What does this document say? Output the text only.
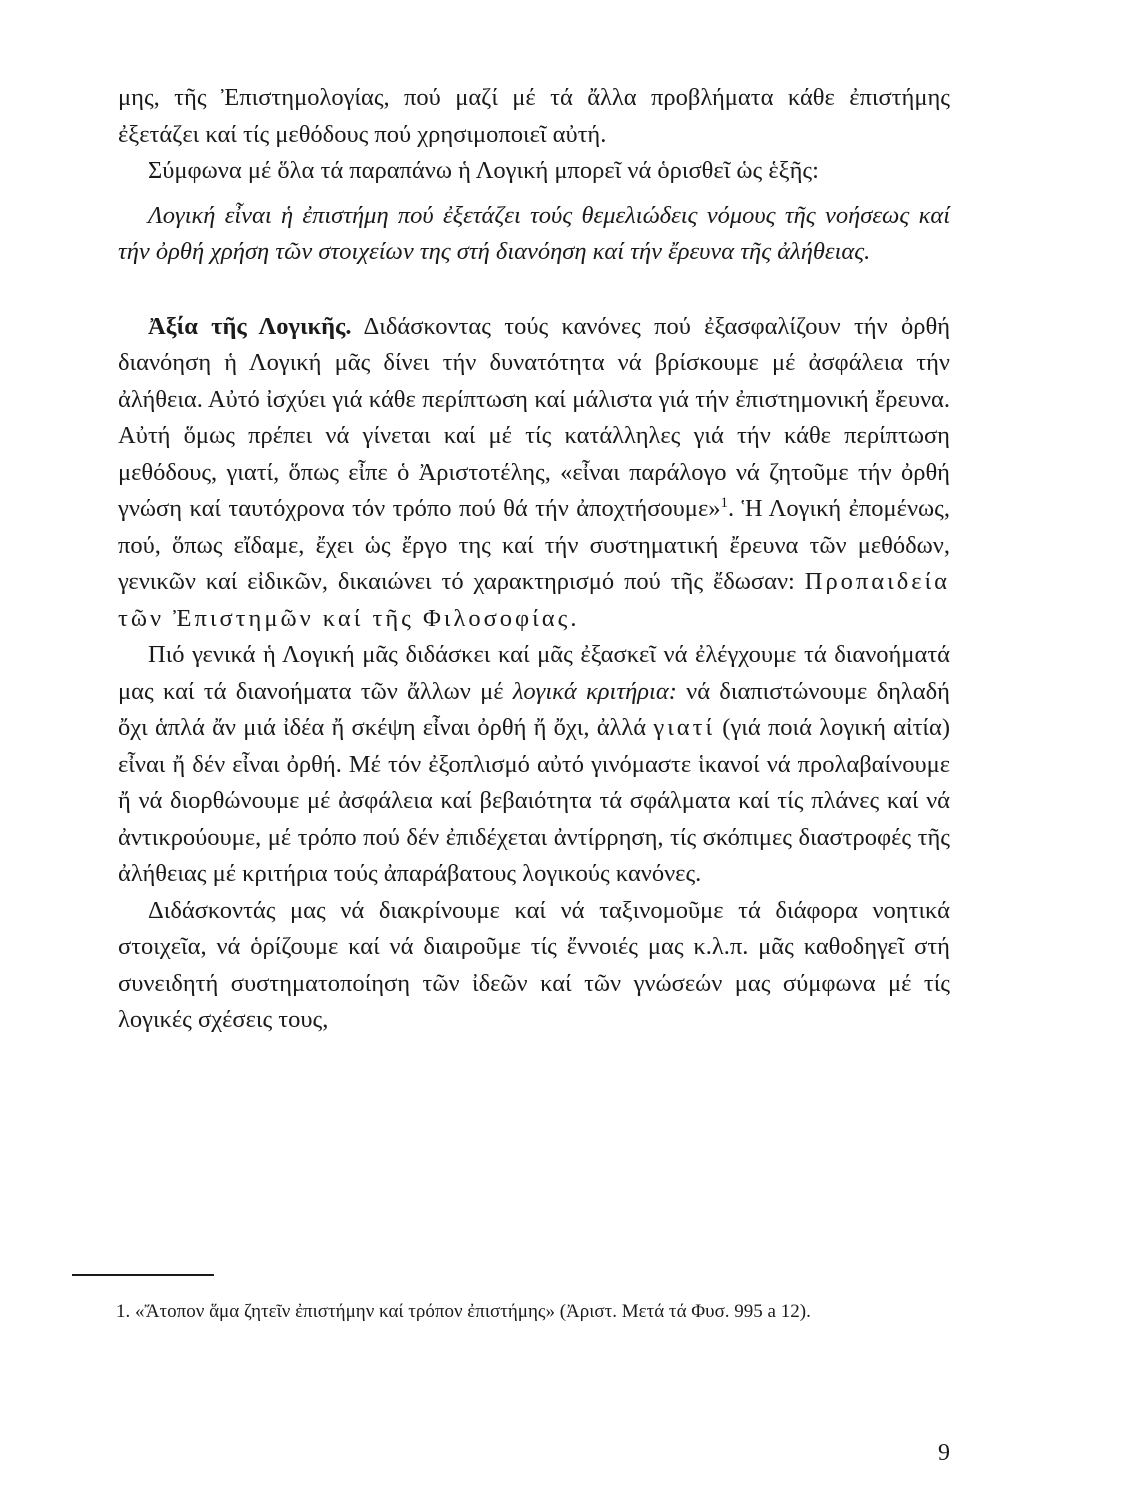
μης, τῆς Ἐπιστημολογίας, πού μαζί μέ τά ἄλλα προβλήματα κάθε ἐπιστήμης ἐξετάζει καί τίς μεθόδους πού χρησιμοποιεῖ αὐτή.

Σύμφωνα μέ ὅλα τά παραπάνω ἡ Λογική μπορεῖ νά ὁρισθεῖ ὡς ἑξῆς:

Λογική εἶναι ἡ ἐπιστήμη πού ἐξετάζει τούς θεμελιώδεις νόμους τῆς νοήσεως καί τήν ὀρθή χρήση τῶν στοιχείων της στή διανόηση καί τήν ἔρευνα τῆς ἀλήθειας.

Ἀξία τῆς Λογικῆς. Διδάσκοντας τούς κανόνες πού ἐξασφαλίζουν τήν ὀρθή διανόηση ἡ Λογική μᾶς δίνει τήν δυνατότητα νά βρίσκουμε μέ ἀσφάλεια τήν ἀλήθεια. Αὐτό ἰσχύει γιά κάθε περίπτωση καί μάλιστα γιά τήν ἐπιστημονική ἔρευνα. Αὐτή ὅμως πρέπει νά γίνεται καί μέ τίς κατάλληλες γιά τήν κάθε περίπτωση μεθόδους, γιατί, ὅπως εἶπε ὁ Ἀριστοτέλης, «εἶναι παράλογο νά ζητοῦμε τήν ὀρθή γνώση καί ταυτόχρονα τόν τρόπο πού θά τήν ἀποχτήσουμε»$^1$. Ἡ Λογική ἐπομένως, πού, ὅπως εἴδαμε, ἔχει ὡς ἔργο της καί τήν συστηματική ἔρευνα τῶν μεθόδων, γενικῶν καί εἰδικῶν, δικαιώνει τό χαρακτηρισμό πού τῆς ἔδωσαν: Προπαιδεία τῶν Ἐπιστημῶν καί τῆς Φιλοσοφίας.

Πιό γενικά ἡ Λογική μᾶς διδάσκει καί μᾶς ἐξασκεῖ νά ἐλέγχουμε τά διανοήματά μας καί τά διανοήματα τῶν ἄλλων μέ λογικά κριτήρια: νά διαπιστώνουμε δηλαδή ὄχι ἁπλά ἄν μιά ἰδέα ἤ σκέψη εἶναι ὀρθή ἤ ὄχι, ἀλλά γιατί (γιά ποιά λογική αἰτία) εἶναι ἤ δέν εἶναι ὀρθή. Μέ τόν ἐξοπλισμό αὐτό γινόμαστε ἱκανοί νά προλαβαίνουμε ἤ νά διορθώνουμε μέ ἀσφάλεια καί βεβαιότητα τά σφάλματα καί τίς πλάνες καί νά ἀντικρούουμε, μέ τρόπο πού δέν ἐπιδέχεται ἀντίρρηση, τίς σκόπιμες διαστροφές τῆς ἀλήθειας μέ κριτήρια τούς ἀπαράβατους λογικούς κανόνες.

Διδάσκοντάς μας νά διακρίνουμε καί νά ταξινομοῦμε τά διάφορα νοητικά στοιχεῖα, νά ὁρίζουμε καί νά διαιροῦμε τίς ἔννοιές μας κ.λ.π. μᾶς καθοδηγεῖ στή συνειδητή συστηματοποίηση τῶν ἰδεῶν καί τῶν γνώσεών μας σύμφωνα μέ τίς λογικές σχέσεις τους,

1. «Ἄτοπον ἅμα ζητεῖν ἐπιστήμην καί τρόπον ἐπιστήμης» (Ἀριστ. Μετά τά Φυσ. 995 a 12).
9
